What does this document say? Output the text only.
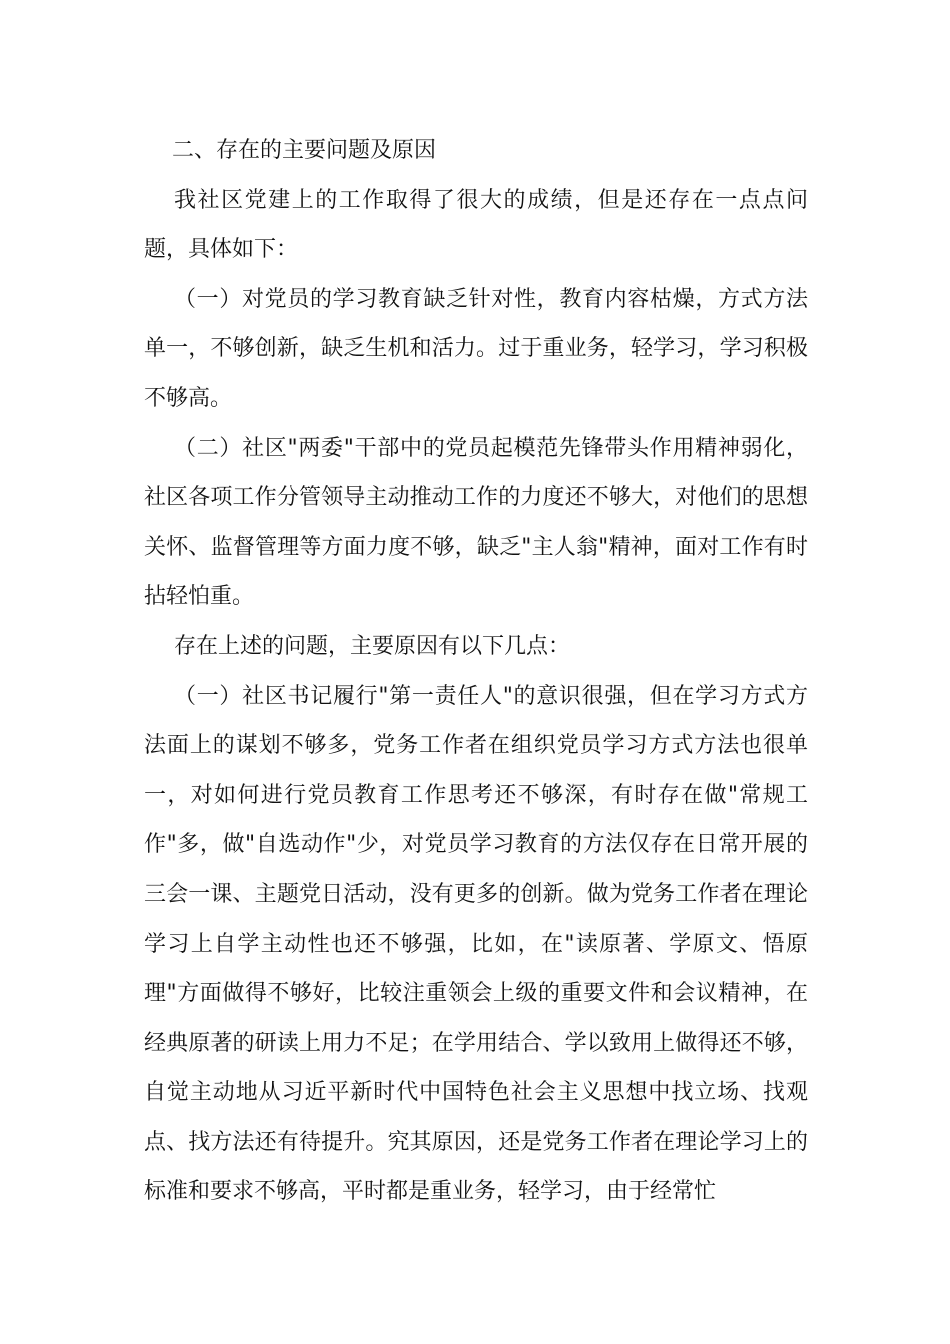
二、存在的主要问题及原因

我社区党建上的工作取得了很大的成绩，但是还存在一点点问题，具体如下：

（一）对党员的学习教育缺乏针对性，教育内容枯燥，方式方法单一，不够创新，缺乏生机和活力。过于重业务，轻学习，学习积极不够高。

（二）社区"两委"干部中的党员起模范先锋带头作用精神弱化，社区各项工作分管领导主动推动工作的力度还不够大，对他们的思想关怀、监督管理等方面力度不够，缺乏"主人翁"精神，面对工作有时拈轻怕重。

存在上述的问题，主要原因有以下几点：

（一）社区书记履行"第一责任人"的意识很强，但在学习方式方法面上的谋划不够多，党务工作者在组织党员学习方式方法也很单一，对如何进行党员教育工作思考还不够深，有时存在做"常规工作"多，做"自选动作"少，对党员学习教育的方法仅存在日常开展的三会一课、主题党日活动，没有更多的创新。做为党务工作者在理论学习上自学主动性也还不够强，比如，在"读原著、学原文、悟原理"方面做得不够好，比较注重领会上级的重要文件和会议精神，在经典原著的研读上用力不足；在学用结合、学以致用上做得还不够，自觉主动地从习近平新时代中国特色社会主义思想中找立场、找观点、找方法还有待提升。究其原因，还是党务工作者在理论学习上的标准和要求不够高，平时都是重业务，轻学习，由于经常忙
